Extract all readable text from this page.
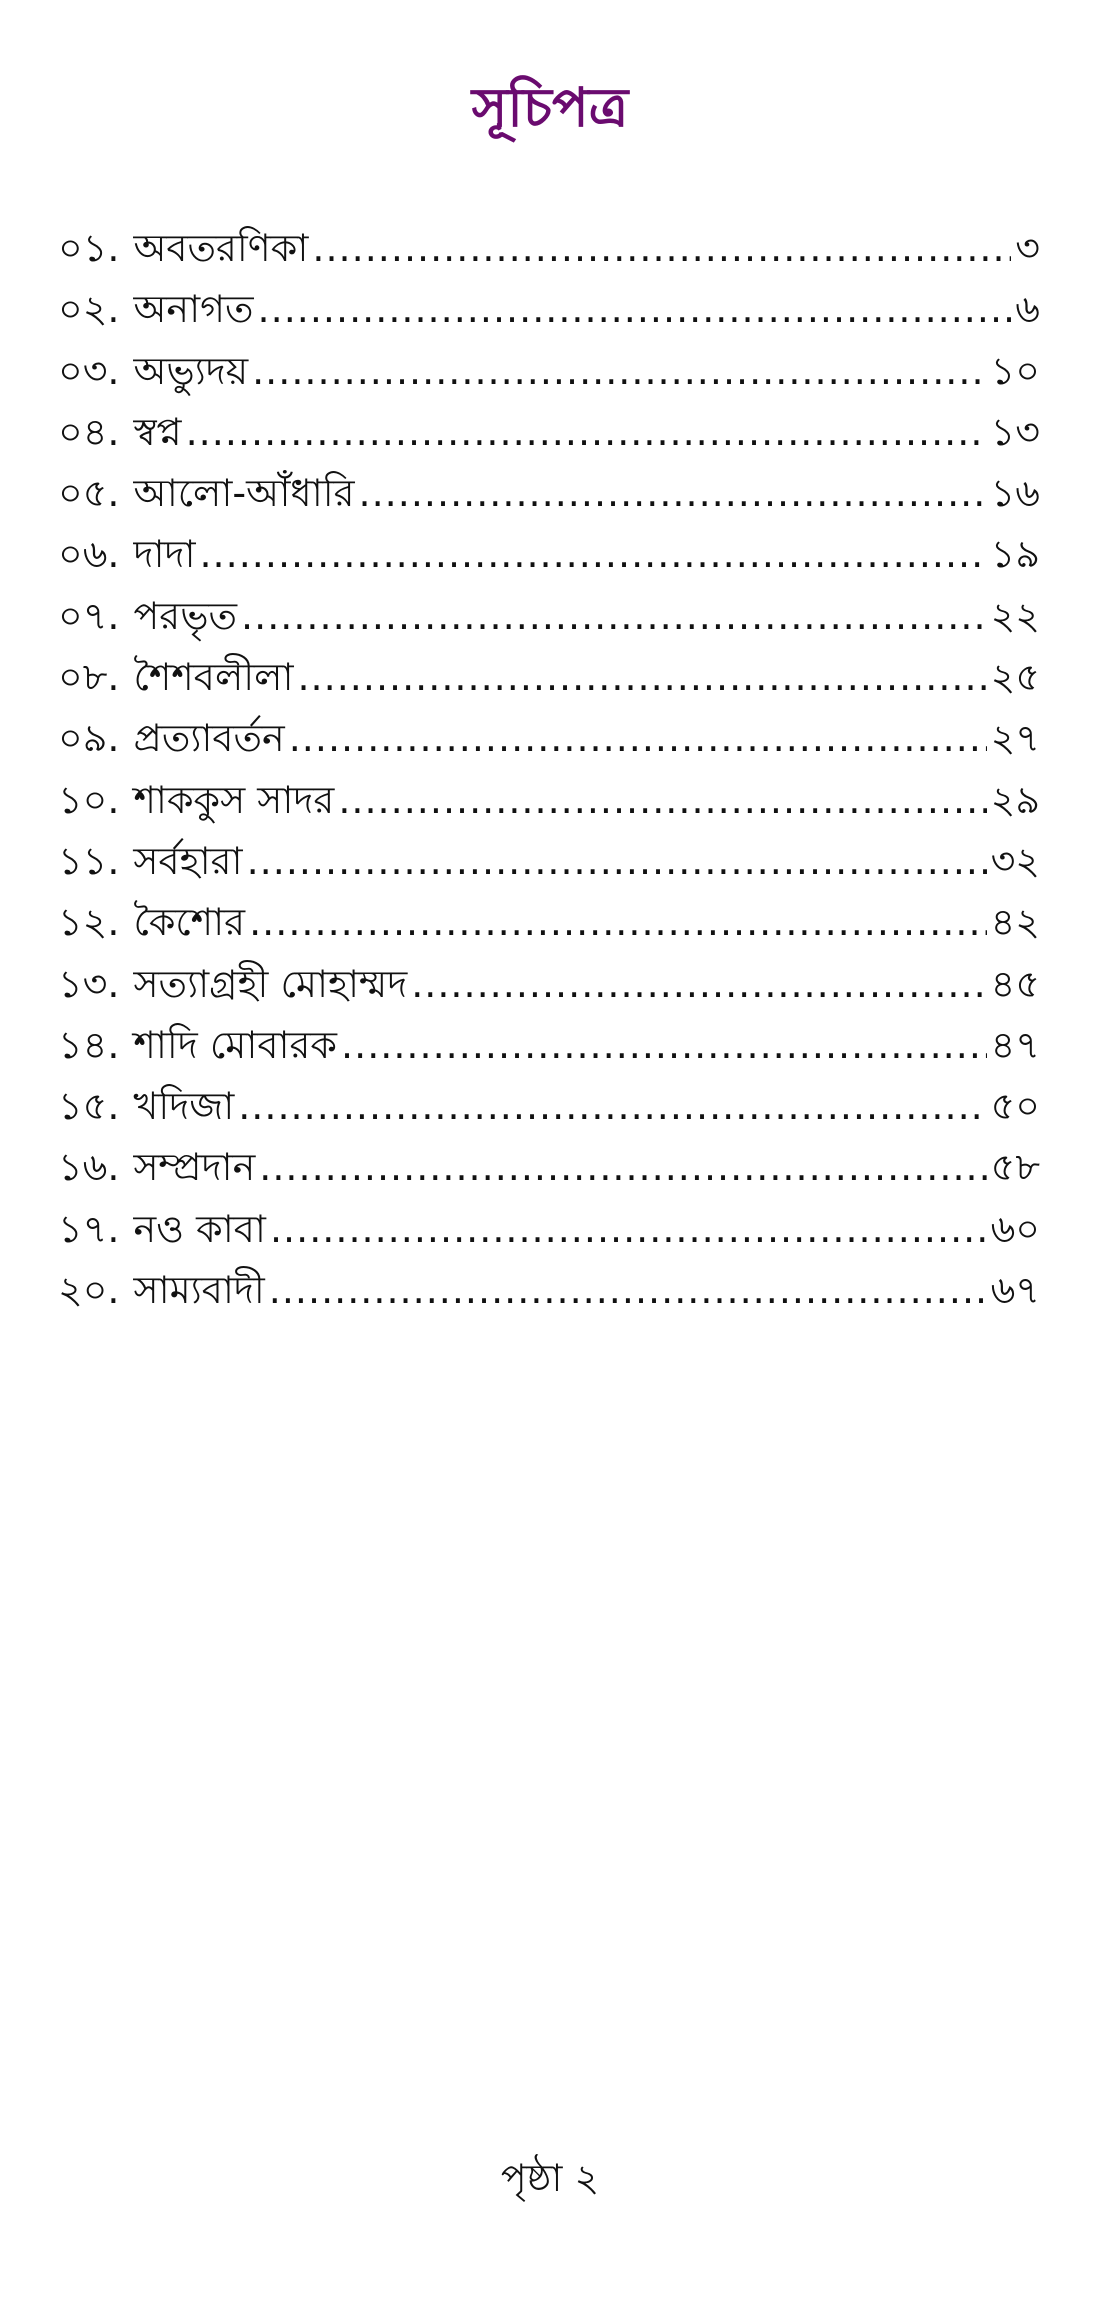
সূচিপত্র
০১. অবতরণিকা .....	৩
০২. অনাগত .....	৬
০৩. অভ্যুদয় .....	১০
০৪. স্বপ্ন .....	১৩
০৫. আলো-আঁধারি .....	১৬
০৬. দাদা .....	১৯
০৭. পরভৃত .....	২২
০৮. শৈশবলীলা .....	২৫
০৯. প্রত্যাবর্তন .....	২৭
১০. শাককুস সাদর .....	২৯
১১. সর্বহারা .....	৩২
১২. কৈশোর .....	৪২
১৩. সত্যাগ্রহী মোহাম্মদ .....	৪৫
১৪. শাদি মোবারক .....	৪৭
১৫. খদিজা .....	৫০
১৬. সম্প্রদান .....	৫৮
১৭. নও কাবা .....	৬০
২০. সাম্যবাদী .....	৬৭
পৃষ্ঠা ২
